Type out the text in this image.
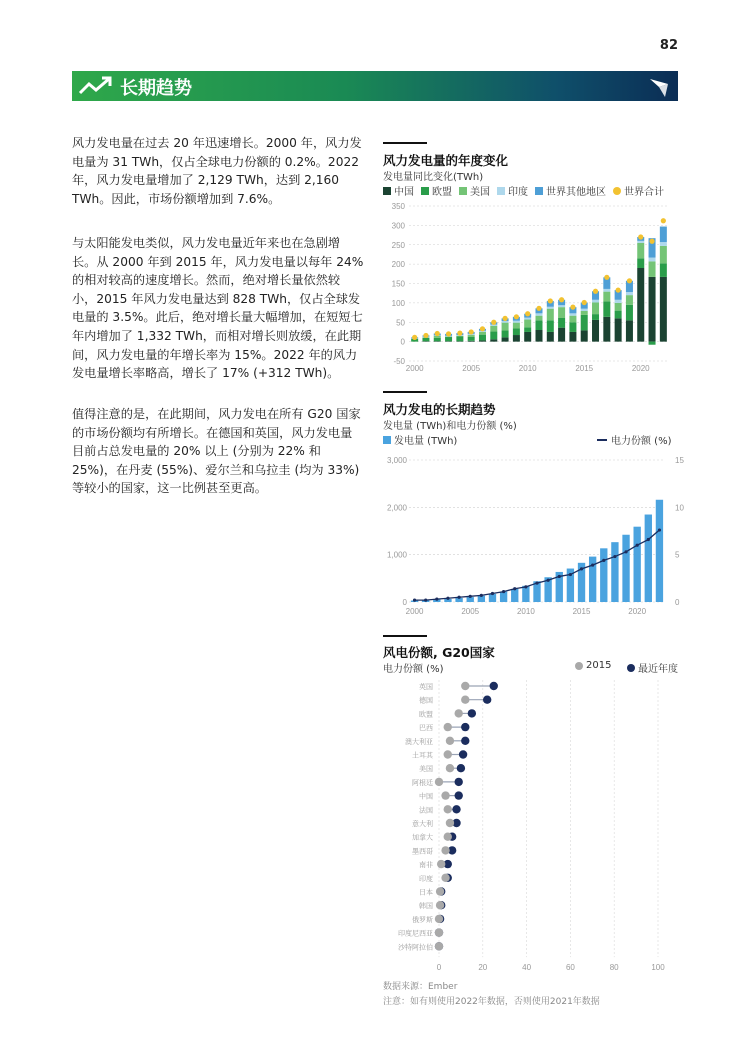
82
长期趋势

风力发电量在过去 20 年迅速增长。2000 年，风力发电量为 31 TWh，仅占全球电力份额的 0.2%。2022 年，风力发电量增加了 2,129 TWh，达到 2,160 TWh。因此，市场份额增加到 7.6%。

与太阳能发电类似，风力发电量近年来也在急剧增长。从 2000 年到 2015 年，风力发电量以每年 24% 的相对较高的速度增长。然而，绝对增长量依然较小，2015 年风力发电量达到 828 TWh，仅占全球发电量的 3.5%。此后，绝对增长量大幅增加，在短短七年内增加了 1,332 TWh，而相对增长则放缓，在此期间，风力发电量的年增长率为 15%。2022 年的风力发电量增长率略高，增长了 17% (+312 TWh)。

值得注意的是，在此期间，风力发电在所有 G20 国家的市场份额均有所增长。在德国和英国，风力发电量目前占总发电量的 20% 以上 (分别为 22% 和 25%)，在丹麦 (55%)、爱尔兰和乌拉圭 (均为 33%) 等较小的国家，这一比例甚至更高。

风力发电量的年度变化
发电量同比变化(TWh)
中国 欧盟 美国 印度 世界其他地区 世界合计
-50
0
50
100
150
200
250
300
350
2000	2005	2010	2015	2020
风力发电的长期趋势
发电量 (TWh)和电力份额 (%)
发电量 (TWh)	电力份额 (%)
0
1,000
2,000
3,000
0
5
10
15
2000	2005	2010	2015	2020
风电份额, G20国家
电力份额 (%)	2015	最近年度
0	20	40	60	80	100
英国
德国
欧盟
巴西
澳大利亚
土耳其
美国
阿根廷
中国
法国
意大利
加拿大
墨西哥
南非
印度
日本
韩国
俄罗斯
印度尼西亚
沙特阿拉伯
数据来源：Ember
注意：如有则使用2022年数据，否则使用2021年数据
